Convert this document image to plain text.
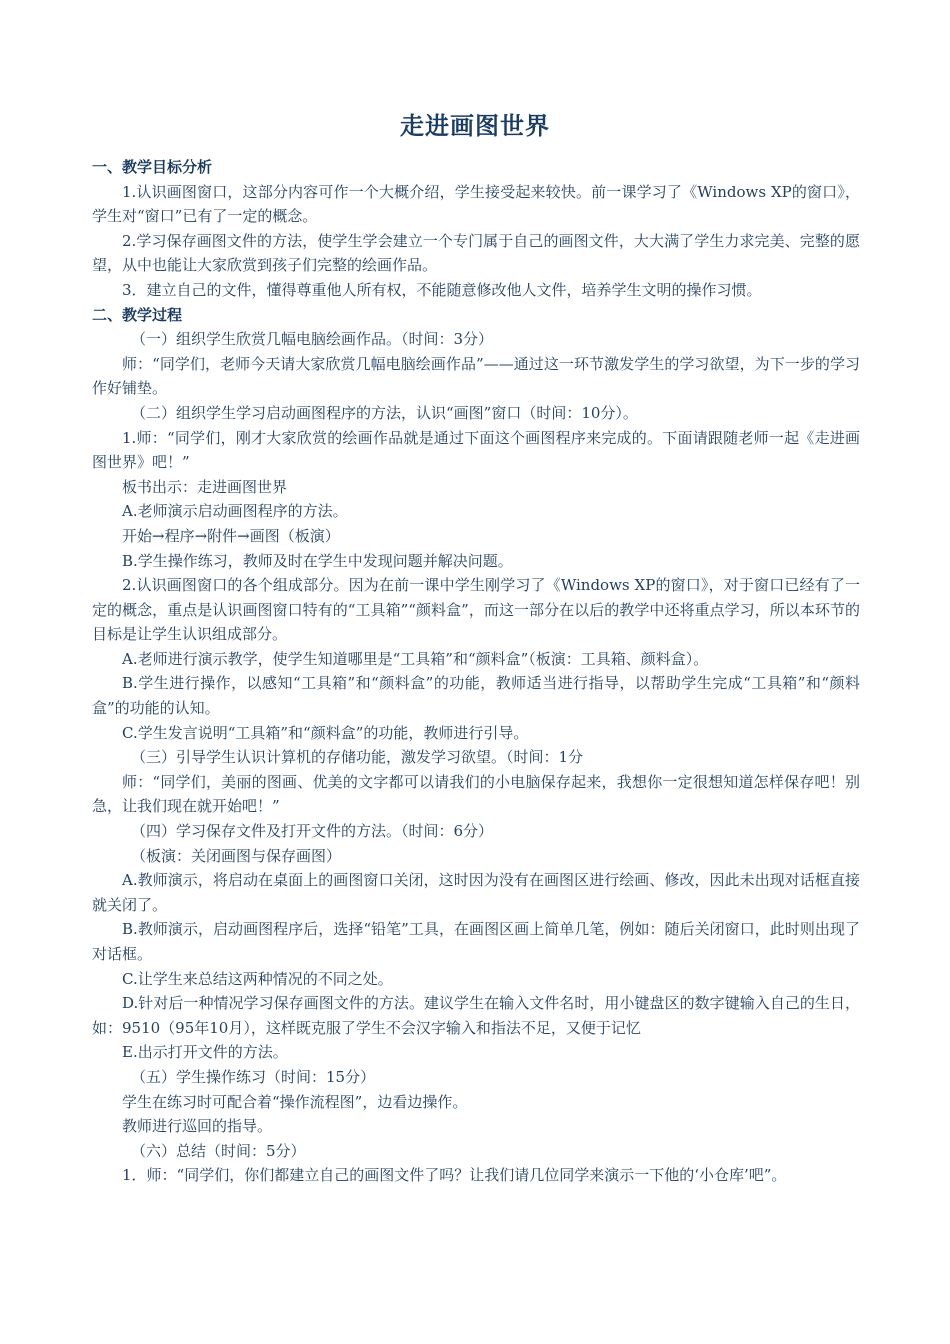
走进画图世界

一、教学目标分析

1.认识画图窗口，这部分内容可作一个大概介绍，学生接受起来较快。前一课学习了《Windows XP的窗口》，学生对“窗口”已有了一定的概念。

2.学习保存画图文件的方法，使学生学会建立一个专门属于自己的画图文件，大大满了学生力求完美、完整的愿望，从中也能让大家欣赏到孩子们完整的绘画作品。

3．建立自己的文件，懂得尊重他人所有权，不能随意修改他人文件，培养学生文明的操作习惯。

二、教学过程

（一）组织学生欣赏几幅电脑绘画作品。（时间：3分）

师：“同学们，老师今天请大家欣赏几幅电脑绘画作品”——通过这一环节激发学生的学习欲望，为下一步的学习作好铺垫。

（二）组织学生学习启动画图程序的方法，认识“画图”窗口（时间：10分）。

1.师：“同学们，刚才大家欣赏的绘画作品就是通过下面这个画图程序来完成的。下面请跟随老师一起《走进画图世界》吧！”

板书出示：走进画图世界

A.老师演示启动画图程序的方法。

开始→程序→附件→画图（板演）

B.学生操作练习，教师及时在学生中发现问题并解决问题。

2.认识画图窗口的各个组成部分。因为在前一课中学生刚学习了《Windows XP的窗口》，对于窗口已经有了一定的概念，重点是认识画图窗口特有的“工具箱”“颜料盒”，而这一部分在以后的教学中还将重点学习，所以本环节的目标是让学生认识组成部分。

A.老师进行演示教学，使学生知道哪里是“工具箱”和“颜料盒”（板演：工具箱、颜料盒）。

B.学生进行操作，以感知“工具箱”和“颜料盒”的功能，教师适当进行指导，以帮助学生完成“工具箱”和“颜料盒”的功能的认知。

C.学生发言说明“工具箱”和“颜料盒”的功能，教师进行引导。

（三）引导学生认识计算机的存储功能，激发学习欲望。（时间：1分

师：“同学们，美丽的图画、优美的文字都可以请我们的小电脑保存起来，我想你一定很想知道怎样保存吧！别急，让我们现在就开始吧！”

（四）学习保存文件及打开文件的方法。（时间：6分）

（板演：关闭画图与保存画图）

A.教师演示，将启动在桌面上的画图窗口关闭，这时因为没有在画图区进行绘画、修改，因此未出现对话框直接就关闭了。

B.教师演示，启动画图程序后，选择“铅笔”工具，在画图区画上简单几笔，例如：随后关闭窗口，此时则出现了对话框。

C.让学生来总结这两种情况的不同之处。

D.针对后一种情况学习保存画图文件的方法。建议学生在输入文件名时，用小键盘区的数字键输入自己的生日，如：9510（95年10月），这样既克服了学生不会汉字输入和指法不足，又便于记忆

E.出示打开文件的方法。

（五）学生操作练习（时间：15分）

学生在练习时可配合着“操作流程图”，边看边操作。

教师进行巡回的指导。

（六）总结（时间：5分）

1．师：“同学们，你们都建立自己的画图文件了吗？让我们请几位同学来演示一下他的‘小仓库’吧”。
